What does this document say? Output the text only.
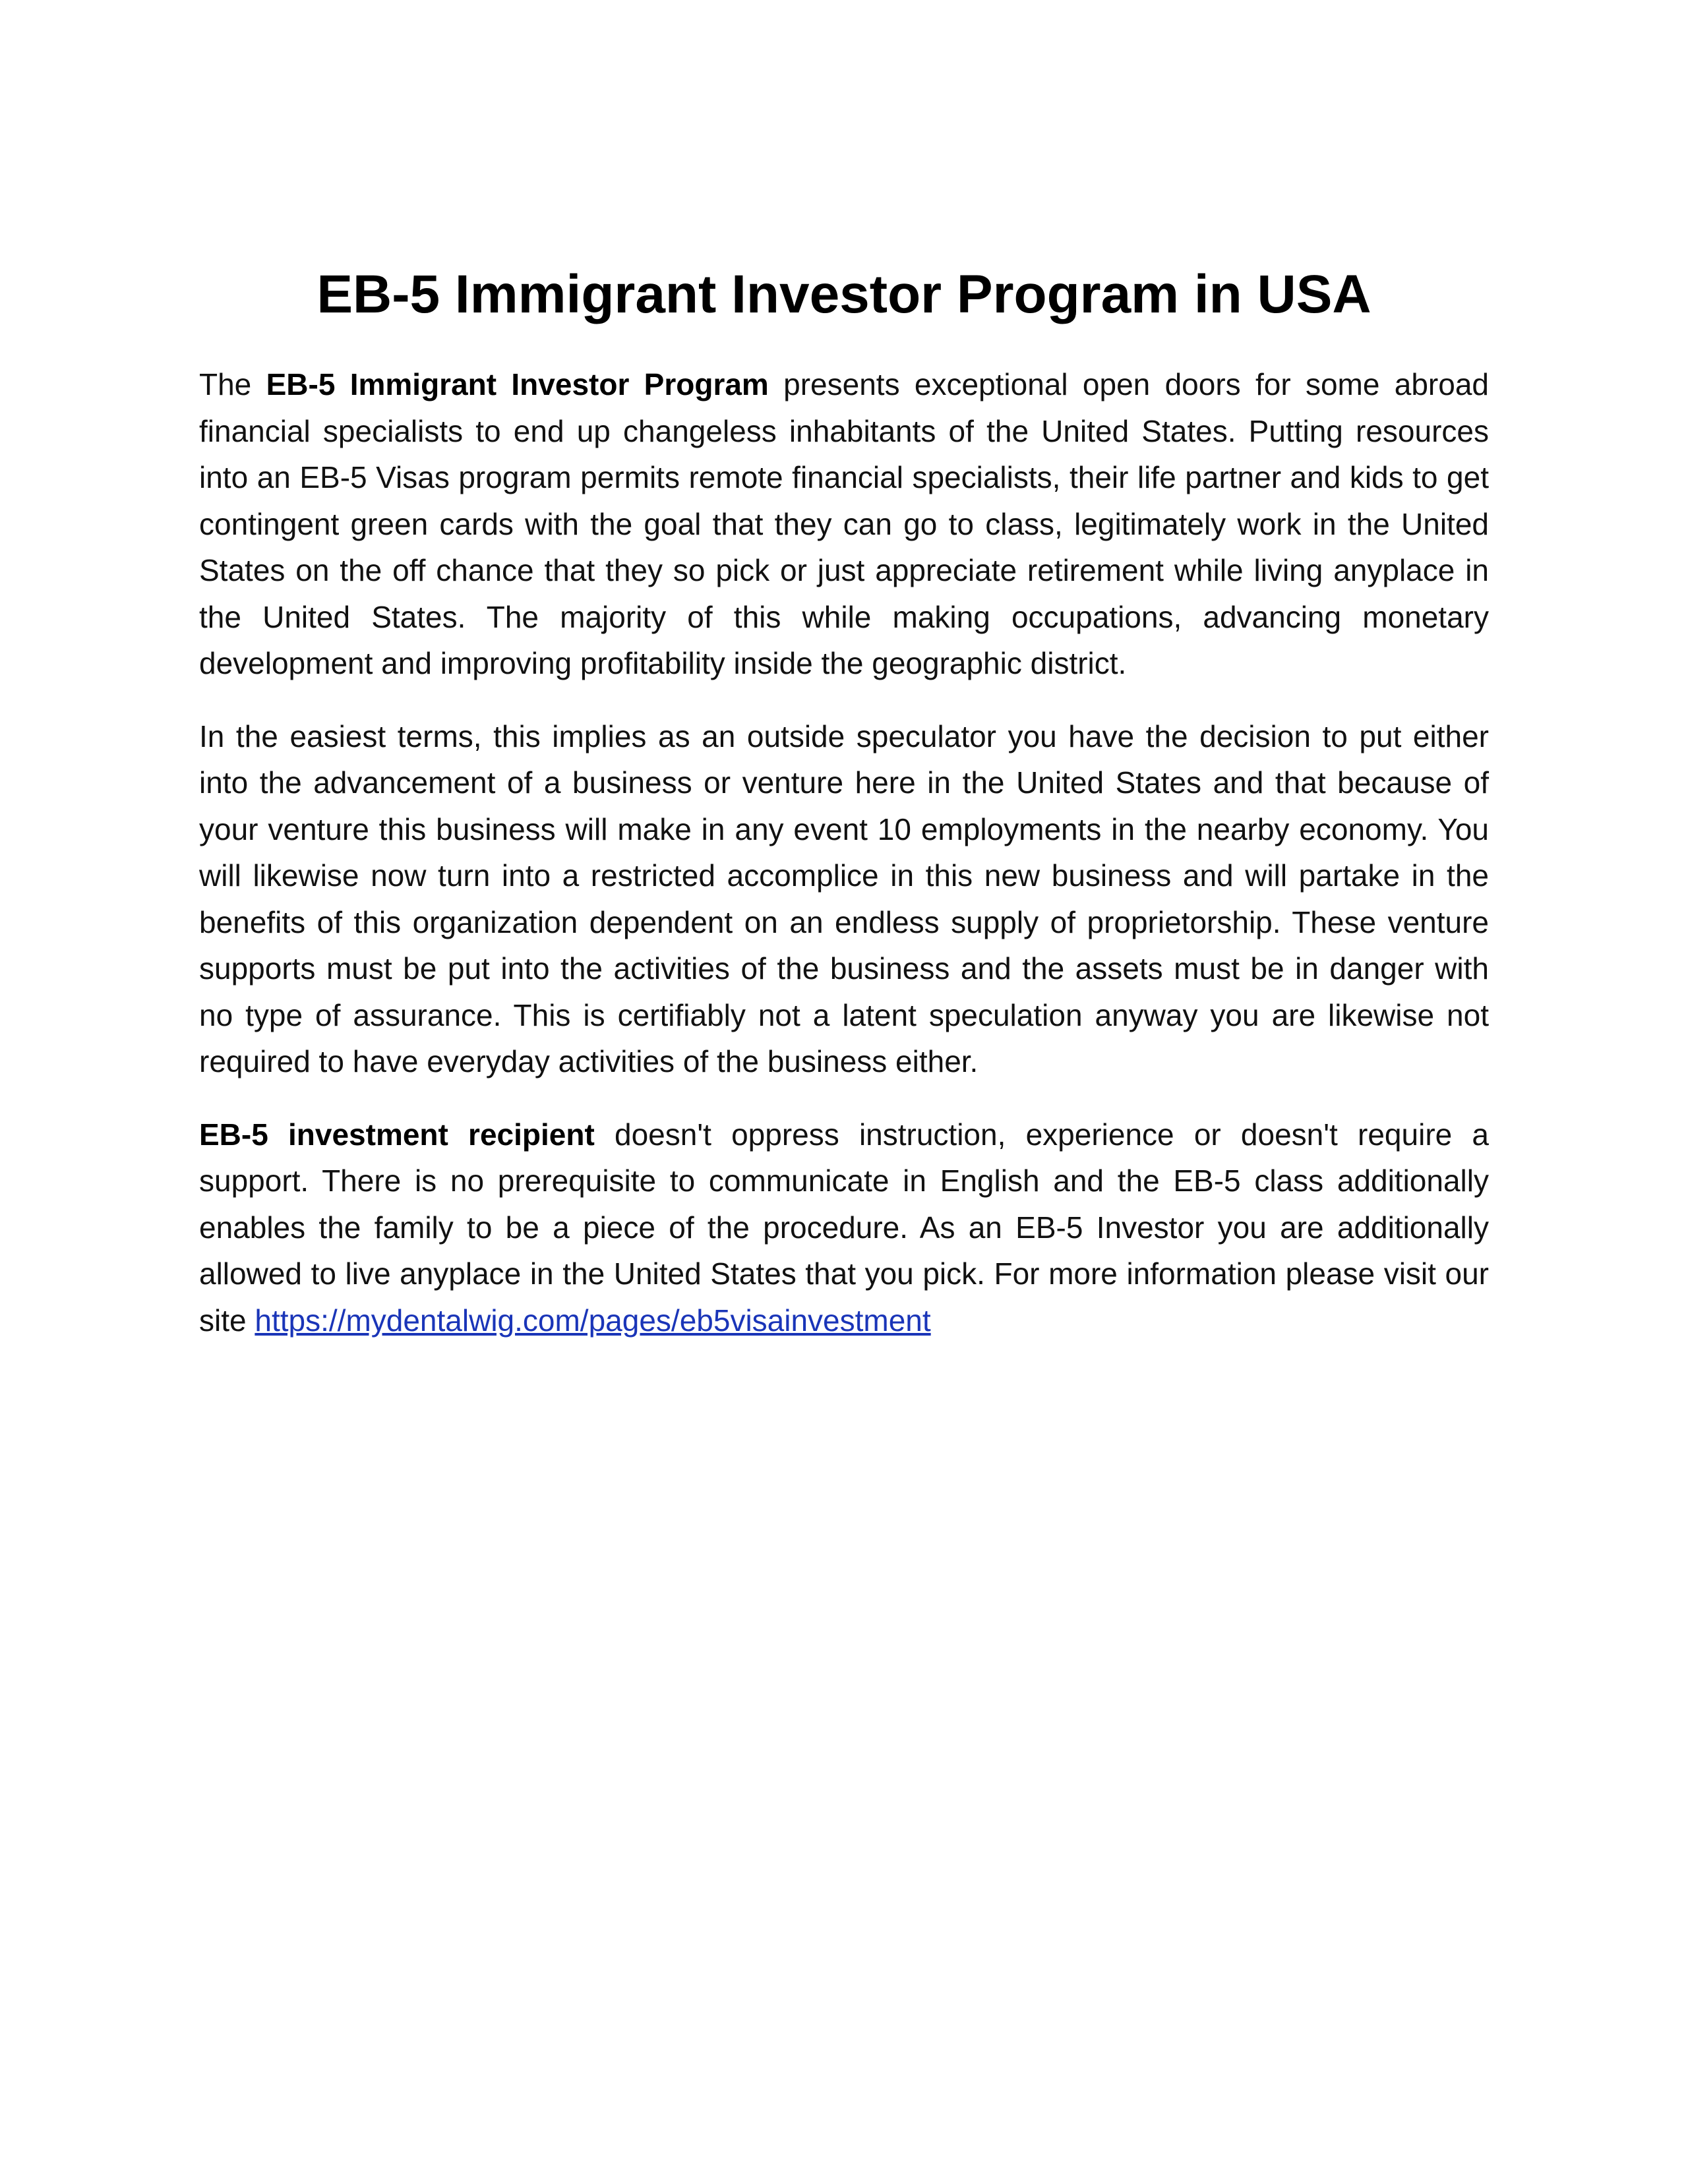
EB-5 Immigrant Investor Program in USA

The EB-5 Immigrant Investor Program presents exceptional open doors for some abroad financial specialists to end up changeless inhabitants of the United States. Putting resources into an EB-5 Visas program permits remote financial specialists, their life partner and kids to get contingent green cards with the goal that they can go to class, legitimately work in the United States on the off chance that they so pick or just appreciate retirement while living anyplace in the United States. The majority of this while making occupations, advancing monetary development and improving profitability inside the geographic district.

In the easiest terms, this implies as an outside speculator you have the decision to put either into the advancement of a business or venture here in the United States and that because of your venture this business will make in any event 10 employments in the nearby economy. You will likewise now turn into a restricted accomplice in this new business and will partake in the benefits of this organization dependent on an endless supply of proprietorship. These venture supports must be put into the activities of the business and the assets must be in danger with no type of assurance. This is certifiably not a latent speculation anyway you are likewise not required to have everyday activities of the business either.

EB-5 investment recipient doesn't oppress instruction, experience or doesn't require a support. There is no prerequisite to communicate in English and the EB-5 class additionally enables the family to be a piece of the procedure. As an EB-5 Investor you are additionally allowed to live anyplace in the United States that you pick. For more information please visit our site https://mydentalwig.com/pages/eb5visainvestment
